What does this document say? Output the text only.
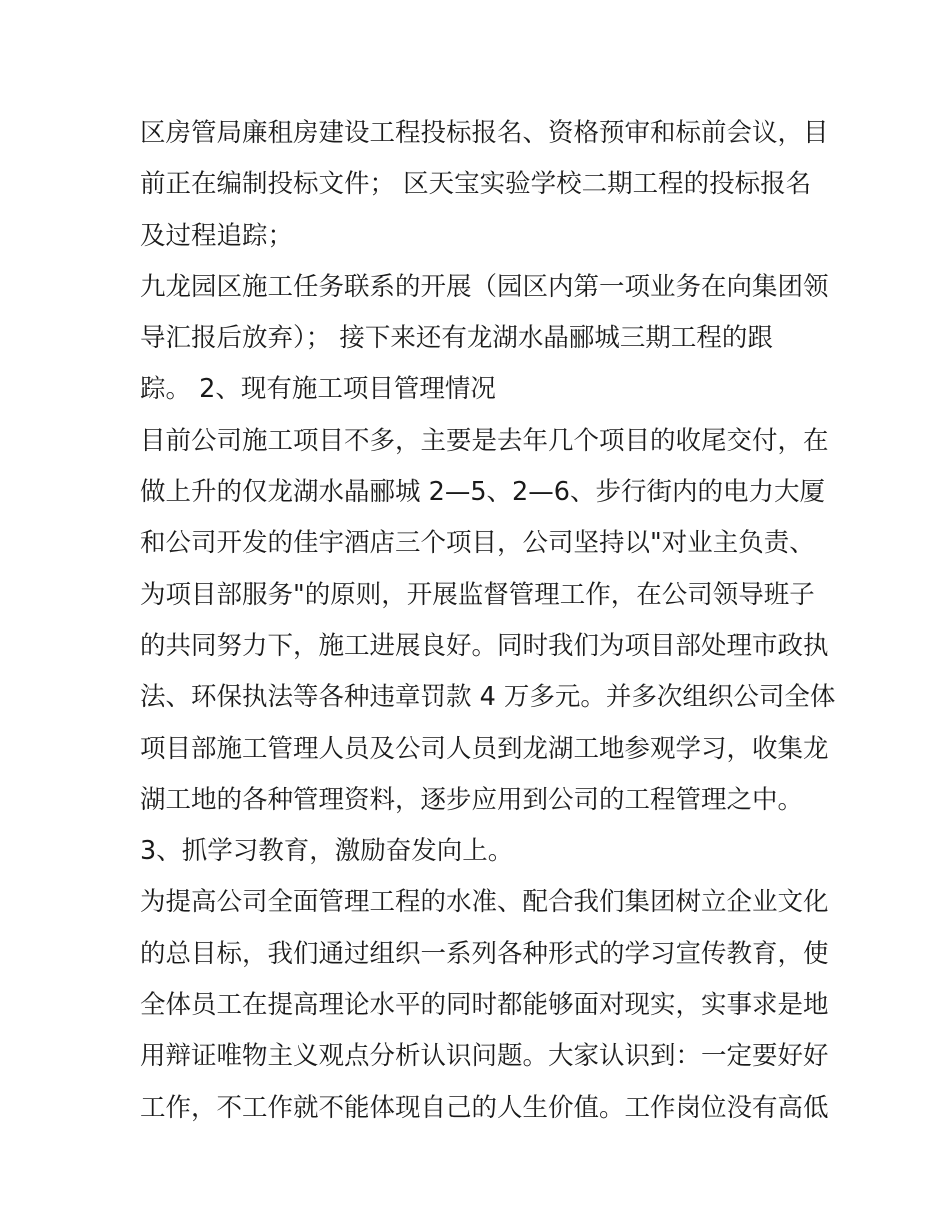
区房管局廉租房建设工程投标报名、资格预审和标前会议，目
前正在编制投标文件； 区天宝实验学校二期工程的投标报名
及过程追踪；
九龙园区施工任务联系的开展（园区内第一项业务在向集团领
导汇报后放弃）； 接下来还有龙湖水晶郦城三期工程的跟
踪。 2、现有施工项目管理情况
目前公司施工项目不多，主要是去年几个项目的收尾交付，在
做上升的仅龙湖水晶郦城 2—5、2—6、步行街内的电力大厦
和公司开发的佳宇酒店三个项目，公司坚持以"对业主负责、
为项目部服务"的原则，开展监督管理工作，在公司领导班子
的共同努力下，施工进展良好。同时我们为项目部处理市政执
法、环保执法等各种违章罚款 4 万多元。并多次组织公司全体
项目部施工管理人员及公司人员到龙湖工地参观学习，收集龙
湖工地的各种管理资料，逐步应用到公司的工程管理之中。
3、抓学习教育，激励奋发向上。
为提高公司全面管理工程的水准、配合我们集团树立企业文化
的总目标，我们通过组织一系列各种形式的学习宣传教育，使
全体员工在提高理论水平的同时都能够面对现实，实事求是地
用辩证唯物主义观点分析认识问题。大家认识到：一定要好好
工作，不工作就不能体现自己的人生价值。工作岗位没有高低
